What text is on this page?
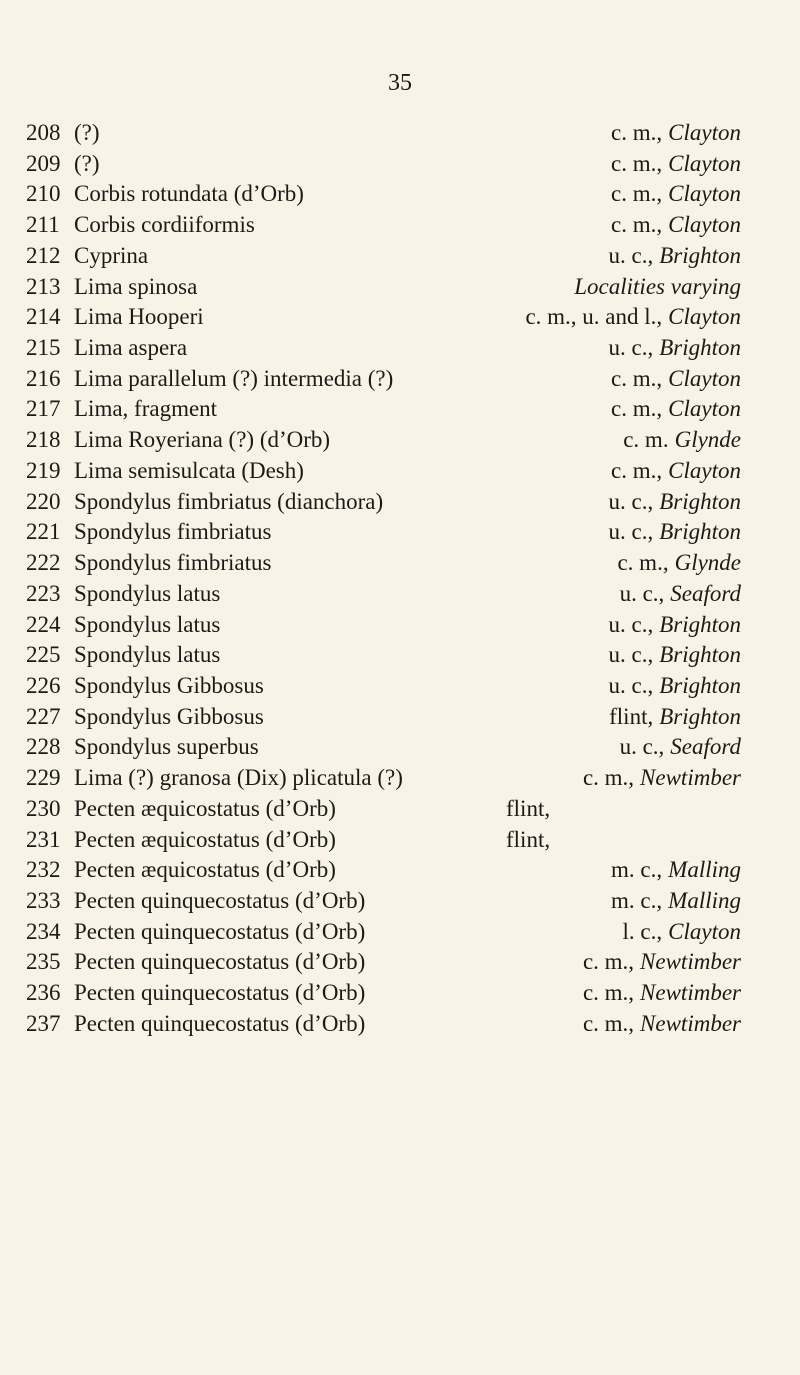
35
208 (?)	c. m., Clayton
209 (?)	c. m., Clayton
210 Corbis rotundata (d’Orb)	c. m., Clayton
211 Corbis cordiiformis	c. m., Clayton
212 Cyprina	u. c., Brighton
213 Lima spinosa	Localities varying
214 Lima Hooperi	c. m., u. and l., Clayton
215 Lima aspera	u. c., Brighton
216 Lima parallelum (?) intermedia (?)	c. m., Clayton
217 Lima, fragment	c. m., Clayton
218 Lima Royeriana (?) (d’Orb)	c. m. Glynde
219 Lima semisulcata (Desh)	c. m., Clayton
220 Spondylus fimbriatus (dianchora)	u. c., Brighton
221 Spondylus fimbriatus	u. c., Brighton
222 Spondylus fimbriatus	c. m., Glynde
223 Spondylus latus	u. c., Seaford
224 Spondylus latus	u. c., Brighton
225 Spondylus latus	u. c., Brighton
226 Spondylus Gibbosus	u. c., Brighton
227 Spondylus Gibbosus	flint, Brighton
228 Spondylus superbus	u. c., Seaford
229 Lima (?) granosa (Dix) plicatula (?)	c. m., Newtimber
230 Pecten æquicostatus (d’Orb)	flint,
231 Pecten æquicostatus (d’Orb)	flint,
232 Pecten æquicostatus (d’Orb)	m. c., Malling
233 Pecten quinquecostatus (d’Orb)	m. c., Malling
234 Pecten quinquecostatus (d’Orb)	l. c., Clayton
235 Pecten quinquecostatus (d’Orb)	c. m., Newtimber
236 Pecten quinquecostatus (d’Orb)	c. m., Newtimber
237 Pecten quinquecostatus (d’Orb)	c. m., Newtimber
